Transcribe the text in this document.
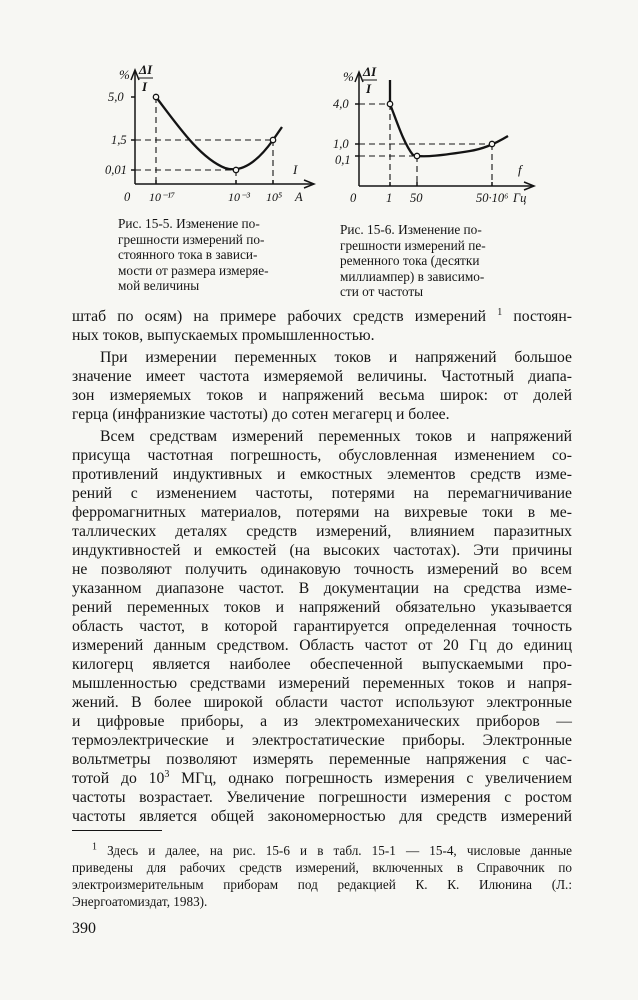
% ΔI
I
5,0
1,5
0,01
0 10⁻¹⁷	10⁻³ 10⁵
I
A
Рис. 15-5. Изменение по-
грешности измерений по-
стоянного тока в зависи-
мости от размера измеряе-
мой величины
% ΔI
I
4,0
1,0
0,1
0 1 50	50·10⁶
f
Гц
Рис. 15-6. Изменение по-
грешности измерений пе-
ременного тока (десятки
миллиампер) в зависимо-
сти от частоты

штаб по осям) на примере рабочих средств измерений $^1$ постоян-

ных токов, выпускаемых промышленностью.

При измерении переменных токов и напряжений большое

значение имеет частота измеряемой величины. Частотный диапа-

зон измеряемых токов и напряжений весьма широк: от долей

герца (инфранизкие частоты) до сотен мегагерц и более.

Всем средствам измерений переменных токов и напряжений

присуща частотная погрешность, обусловленная изменением со-

противлений индуктивных и емкостных элементов средств изме-

рений с изменением частоты, потерями на перемагничивание

ферромагнитных материалов, потерями на вихревые токи в ме-

таллических деталях средств измерений, влиянием паразитных

индуктивностей и емкостей (на высоких частотах). Эти причины

не позволяют получить одинаковую точность измерений во всем

указанном диапазоне частот. В документации на средства изме-

рений переменных токов и напряжений обязательно указывается

область частот, в которой гарантируется определенная точность

измерений данным средством. Область частот от 20 Гц до единиц

килогерц является наиболее обеспеченной выпускаемыми про-

мышленностью средствами измерений переменных токов и напря-

жений. В более широкой области частот используют электронные

и цифровые приборы, а из электромеханических приборов —

термоэлектрические и электростатические приборы. Электронные

вольтметры позволяют измерять переменные напряжения с час-

тотой до $10^3$ МГц, однако погрешность измерения с увеличением

частоты возрастает. Увеличение погрешности измерения с ростом

частоты является общей закономерностью для средств измерений

$^1$ Здесь и далее, на рис. 15-6 и в табл. 15-1 — 15-4, числовые данные

приведены для рабочих средств измерений, включенных в Справочник по

электроизмерительным приборам под редакцией К. К. Илюнина (Л.:

Энергоатомиздат, 1983).

390
